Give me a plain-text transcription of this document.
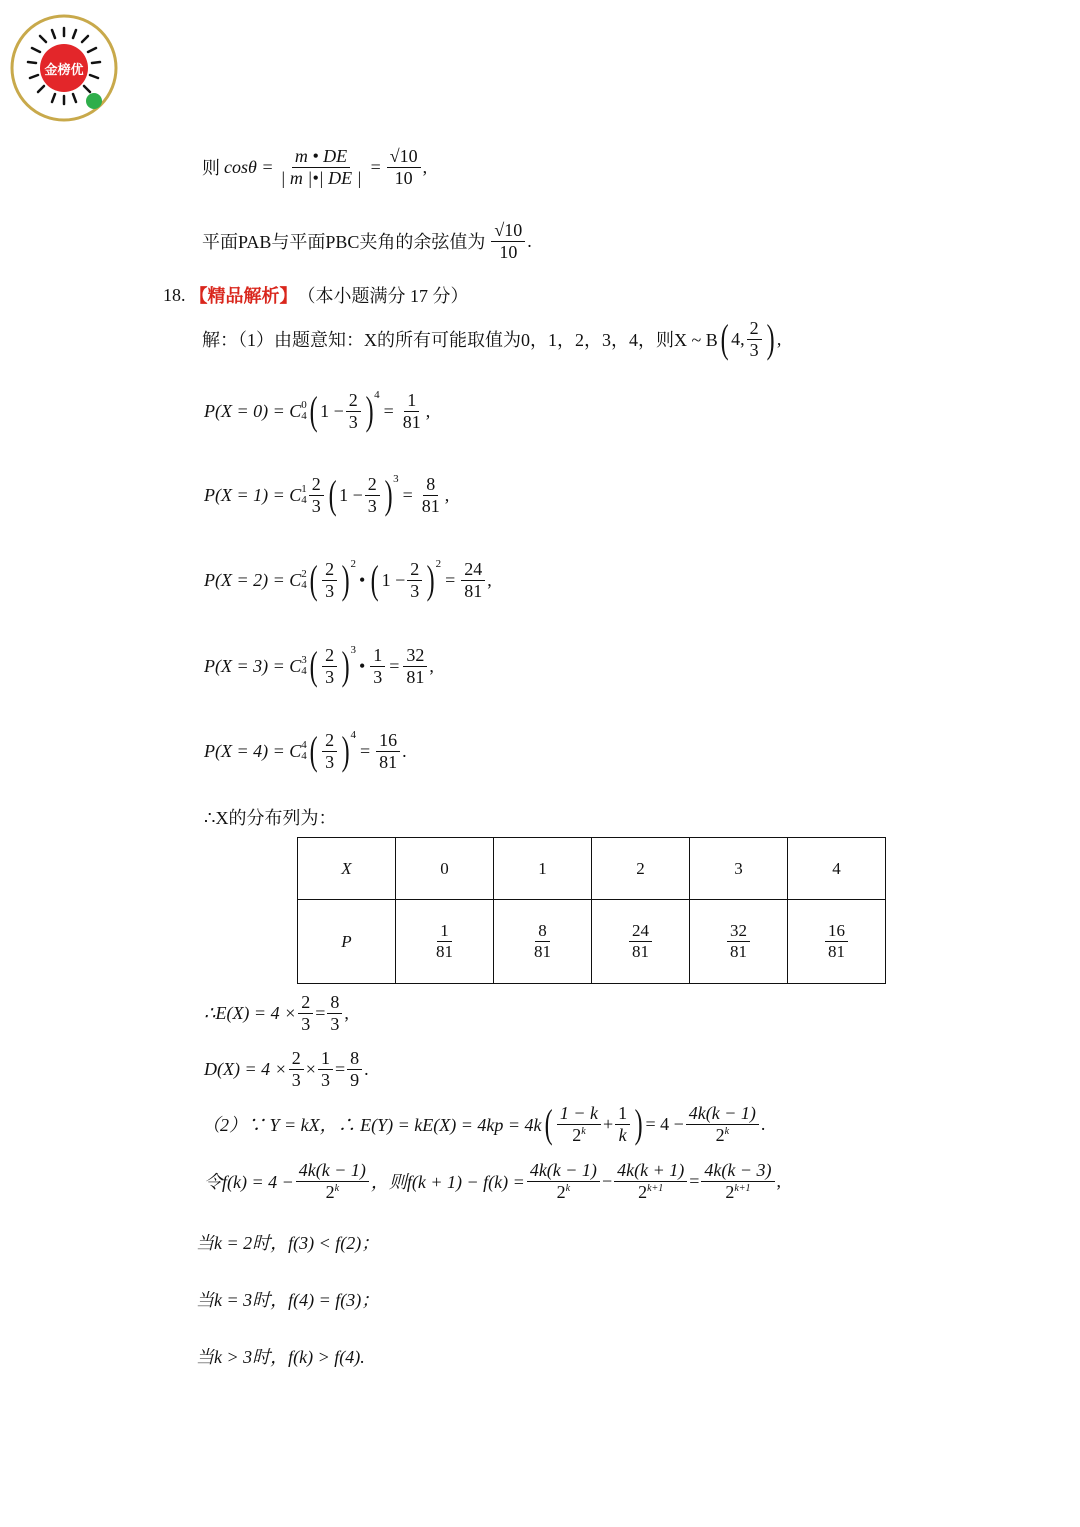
金榜优
则 $\cos\theta = \frac{m • DE}{| m |•| DE |} = \frac{√10}{10}$ ,
平面PAB与平面PBC夹角的余弦值为 $\frac{√10}{10}$ .
18. 【精品解析】 （本小题满分 17 分）
解：（1）由题意知：X的所有可能取值为0，1，2，3，4，则X ~ B ( 4, $\frac{2}{3}$ ) ,
P(X = 0) = C 0
4 ( $1 - \frac{2}{3}$ ) 4
= $\frac{1}{81}$ ,
P(X = 1) = C 1
$4 \frac{2}{3}$ ( $1 - \frac{2}{3}$ ) 3
= $\frac{8}{81}$ ,
P(X = 2) = C 2
4 ( $\frac{2}{3}$ ) 2
• ( $1 - \frac{2}{3}$ ) 2
= $\frac{24}{81}$ ,
P(X = 3) = C 3
4 ( $\frac{2}{3}$ ) 3
• $\frac{1}{3} = \frac{32}{81}$ ,
P(X = 4) = C 4
4 ( $\frac{2}{3}$ ) 4
= $\frac{16}{81}$ .
∴X的分布列为：
X	0	1	2	3	4
P	$\frac{1}{81}$	$\frac{8}{81}$	$\frac{24}{81}$	$\frac{32}{81}$	$\frac{16}{81}$
∴E(X) = $4 \times \frac{2}{3} = \frac{8}{3}$ ,
$D(X) = 4 \times \frac{2}{3} \times \frac{1}{3} = \frac{8}{9}$ .
（2）∵ Y = kX，∴ E(Y) = kE(X) = 4kp = 4k ( $\frac{1 - k}{2^k} + \frac{1}{k}$ ) = $4 - \frac{4k(k - 1)}{2^k}$ .
令$f(k) = 4 - \frac{4k(k - 1)}{2^k}$ ，则$f(k + 1) - f(k) = \frac{4k(k - 1)}{2^k} - \frac{4k(k + 1)}{2^{k+1}} = \frac{4k(k - 3)}{2^{k+1}}$ ,
当k = 2时，f(3) < f(2)；
当k = 3时，f(4) = f(3)；
当k > 3时，f(k) > f(4).
